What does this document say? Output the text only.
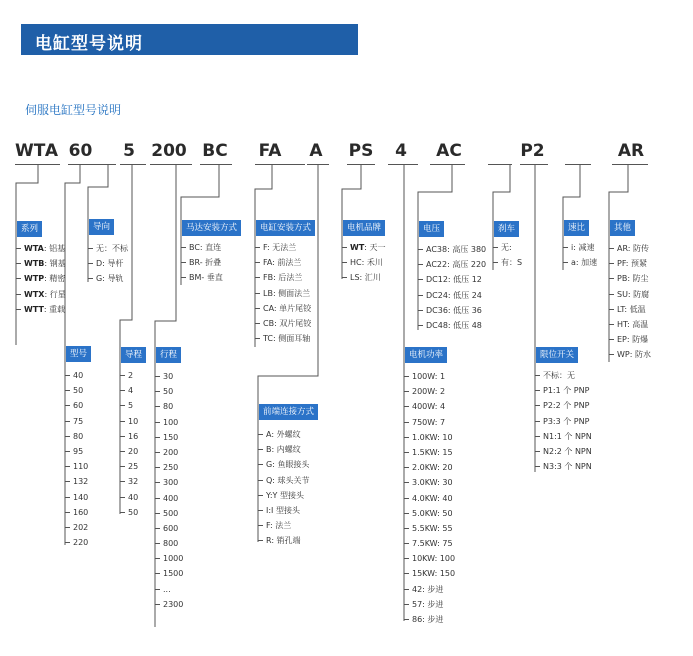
电缸型号说明
伺服电缸型号说明
WT A 60 5 200 BC FA A PS 4 AC	P2	AR
系列
WTA: 铝基
WTB: 钢基
WTP: 精密
WTX: 行星
WTT: 重载
导向
无：不标
D: 导杆
G: 导轨
型号
40
50
60
75
80
95
110
132
140
160
202
220
导程
2
4
5
10
16
20
25
32
40
50
行程
30
50
80
100
150
200
250
300
400
500
600
800
1000
1500
...
2300
马达安装方式
BC: 直连
BR- 折叠
BM- 垂直
电缸安装方式
F: 无法兰
FA: 前法兰
FB: 后法兰
LB: 侧面法兰
CA: 单片尾铰
CB: 双片尾铰
TC: 侧面耳轴
前端连接方式
A: 外螺纹
B: 内螺纹
G: 鱼眼接头
Q: 球头关节
Y:Y 型接头
I:I 型接头
F: 法兰
R: 销孔端
电机品牌
WT: 天一
HC: 禾川
LS: 汇川
电压
AC38: 高压 380
AC22: 高压 220
DC12: 低压 12
DC24: 低压 24
DC36: 低压 36
DC48: 低压 48
电机功率
100W: 1
200W: 2
400W: 4
750W: 7
1.0KW: 10
1.5KW: 15
2.0KW: 20
3.0KW: 30
4.0KW: 40
5.0KW: 50
5.5KW: 55
7.5KW: 75
10KW: 100
15KW: 150
42: 步进
57: 步进
86: 步进
刹车
无:
有：S
速比
i: 减速
a: 加速
限位开关
不标：无
P1:1 个 PNP
P2:2 个 PNP
P3:3 个 PNP
N1:1 个 NPN
N2:2 个 NPN
N3:3 个 NPN
其他
AR: 防传
PF: 预紧
PB: 防尘
SU: 防腐
LT: 低温
HT: 高温
EP: 防爆
WP: 防水
